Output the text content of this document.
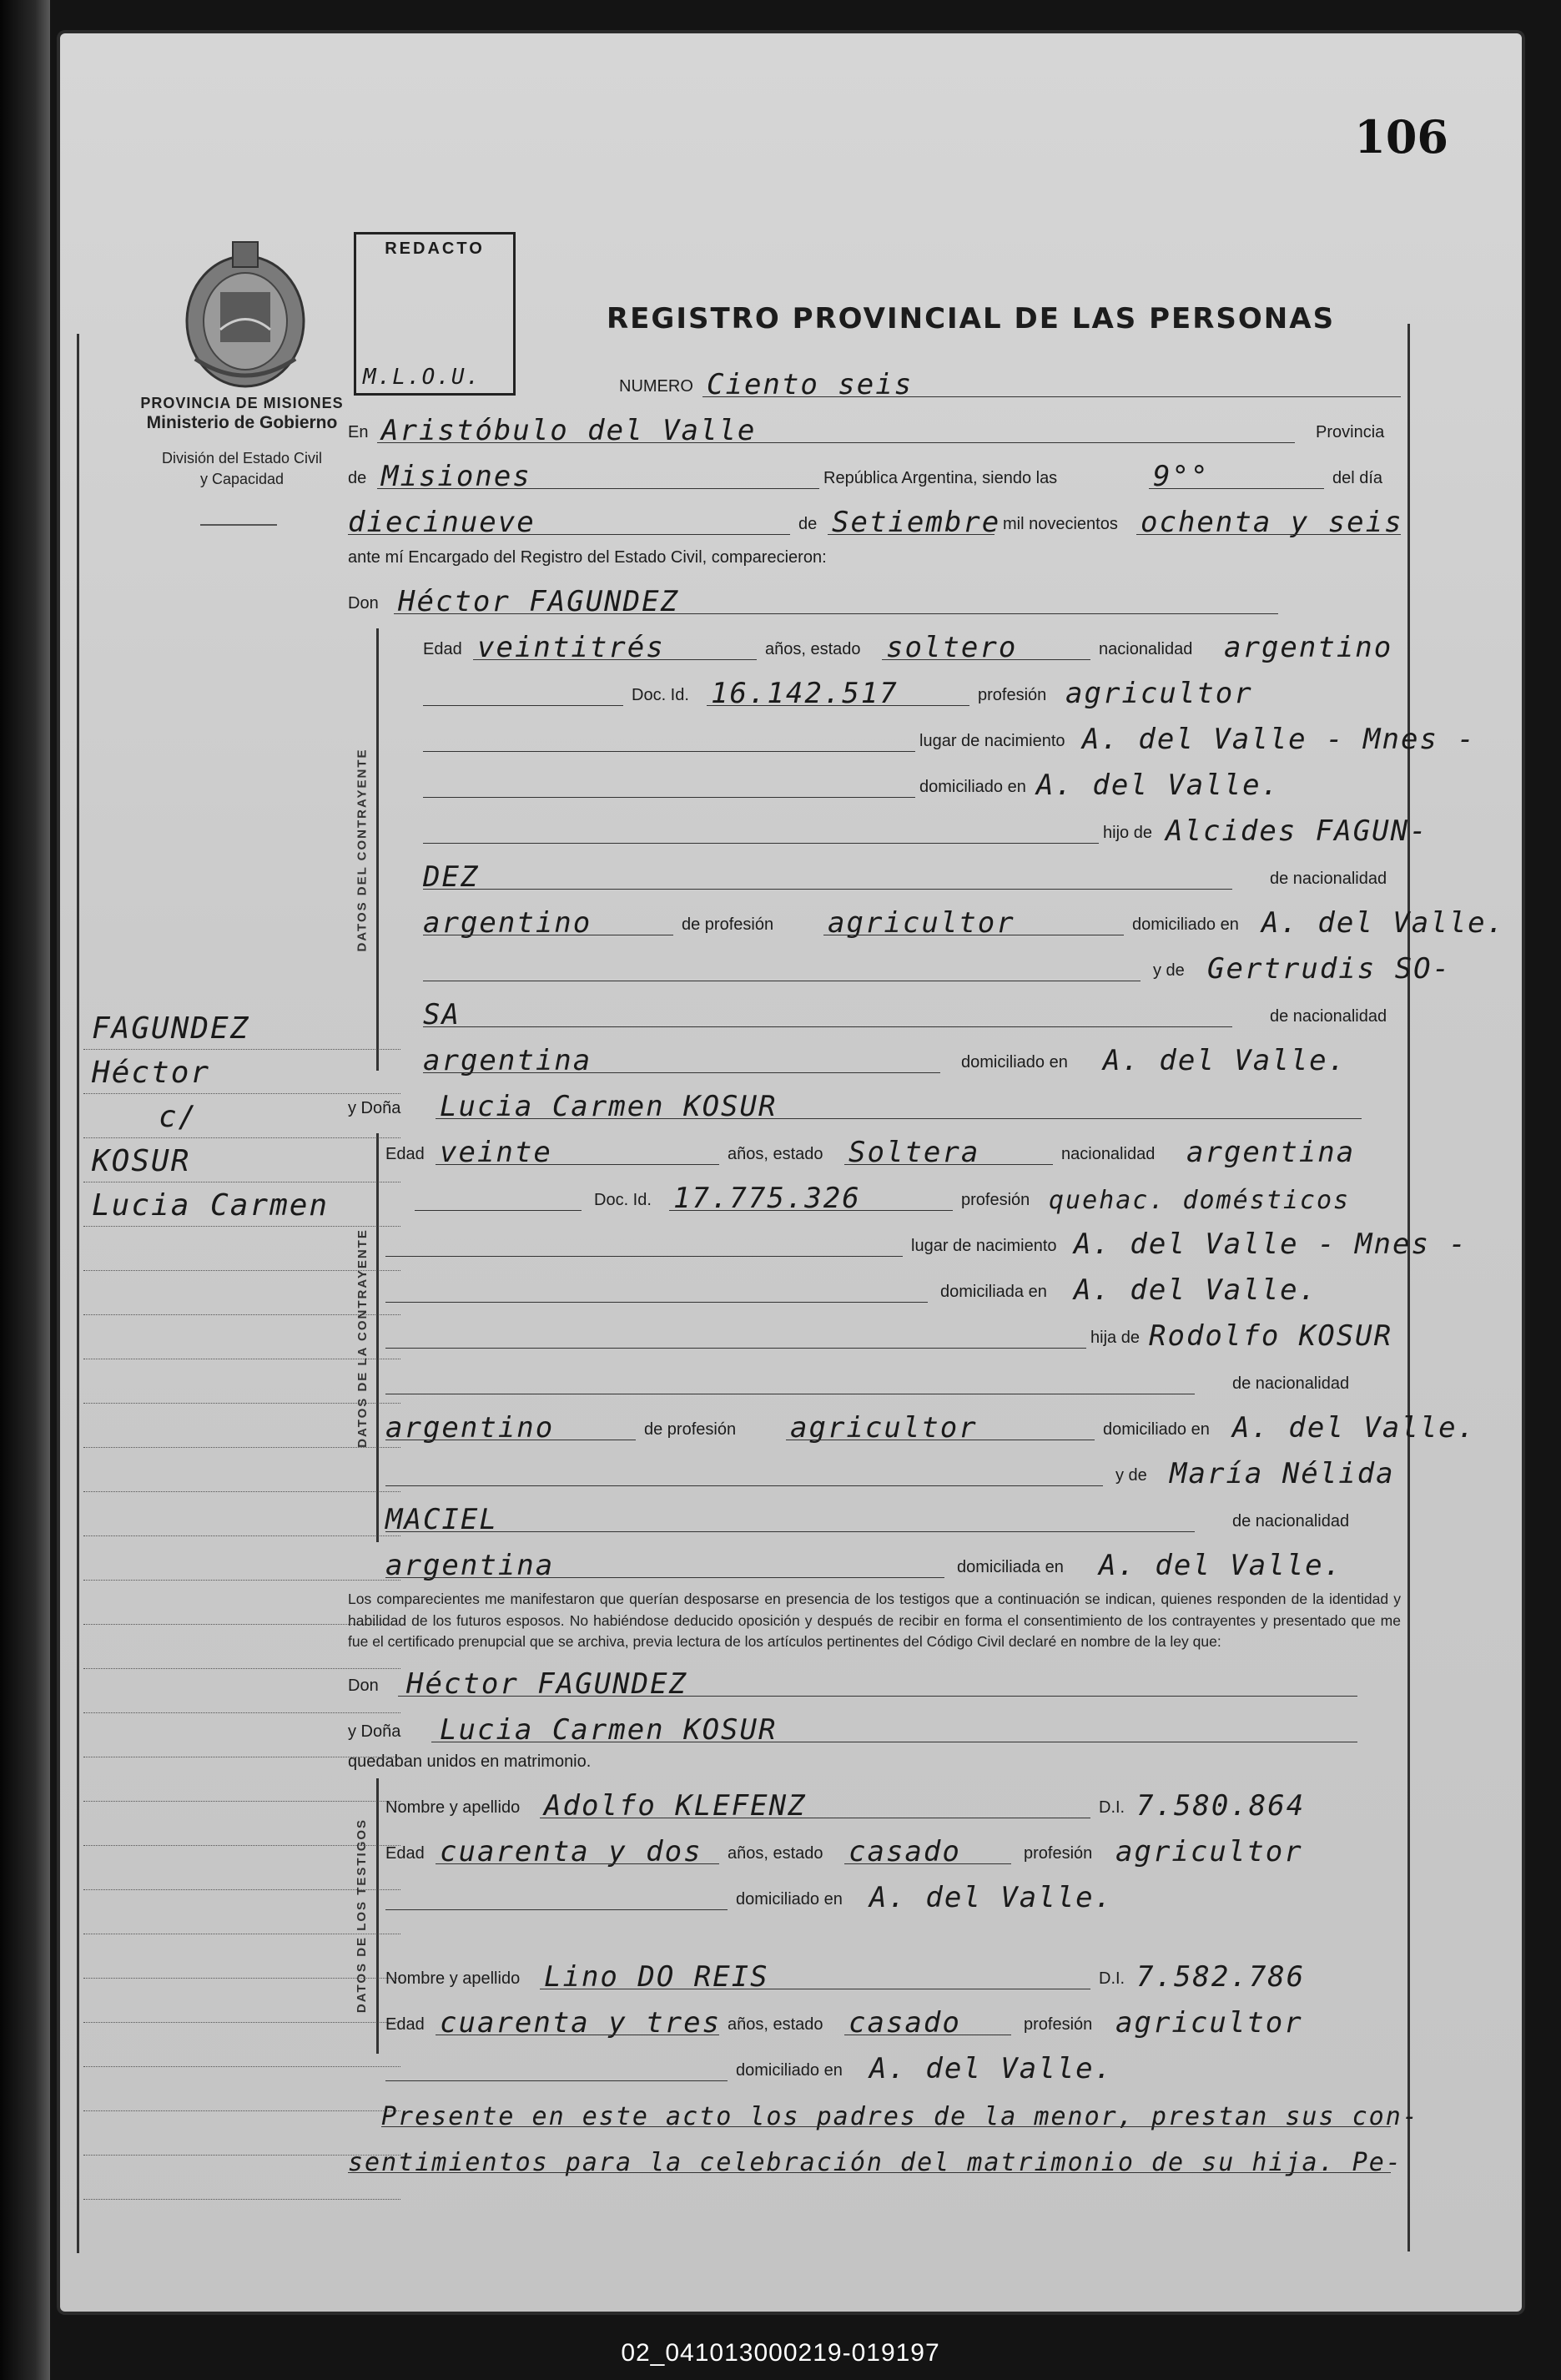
106
PROVINCIA DE MISIONES
Ministerio de Gobierno
División del Estado Civil
y Capacidad
FAGUNDEZ
Héctor
c/
KOSUR
Lucia Carmen
REDACTO
M.L.O.U.
REGISTRO PROVINCIAL DE LAS PERSONAS
NUMERO Ciento seis
En Aristóbulo del Valle	Provincia
de Misiones	República Argentina, siendo las	9°°	del día
diecinueve	de Setiembre mil novecientos ochenta y seis
ante mí Encargado del Registro del Estado Civil, comparecieron:
Don Héctor FAGUNDEZ
DATOS DEL CONTRAYENTE
Edad veintitrés	años, estado soltero	nacionalidad argentino
Doc. Id. 16.142.517	profesión agricultor
lugar de nacimiento A. del Valle - Mnes -
domiciliado en A. del Valle.
hijo de Alcides FAGUN-
DEZ	de nacionalidad
argentino	de profesión agricultor	domiciliado en A. del Valle.
y de Gertrudis SO-
SA	de nacionalidad
argentina	domiciliado en A. del Valle.
y Doña Lucia Carmen KOSUR
DATOS DE LA CONTRAYENTE
Edad veinte	años, estado Soltera	nacionalidad argentina
Doc. Id. 17.775.326	profesión quehac. domésticos
lugar de nacimiento A. del Valle - Mnes -
domiciliada en A. del Valle.
hija de Rodolfo KOSUR
de nacionalidad
argentino	de profesión agricultor	domiciliado en A. del Valle.
y de María Nélida
MACIEL	de nacionalidad
argentina	domiciliada en A. del Valle.
Los comparecientes me manifestaron que querían desposarse en presencia de los testigos que a continuación se indican, quienes responden de la identidad y habilidad de los futuros esposos. No habiéndose deducido oposición y después de recibir en forma el consentimiento de los contrayentes y presentado que me fue el certificado prenupcial que se archiva, previa lectura de los artículos pertinentes del Código Civil declaré en nombre de la ley que:
Don Héctor FAGUNDEZ
y Doña Lucia Carmen KOSUR
quedaban unidos en matrimonio.
DATOS DE LOS TESTIGOS
Nombre y apellido Adolfo KLEFENZ	D.I. 7.580.864
Edad cuarenta y dos años, estado casado	profesión agricultor
domiciliado en A. del Valle.
Nombre y apellido Lino DO REIS	D.I. 7.582.786
Edad cuarenta y tres años, estado casado	profesión agricultor
domiciliado en A. del Valle.
Presente en este acto los padres de la menor, prestan sus con-
sentimientos para la celebración del matrimonio de su hija. Pe-
02_041013000219-019197
